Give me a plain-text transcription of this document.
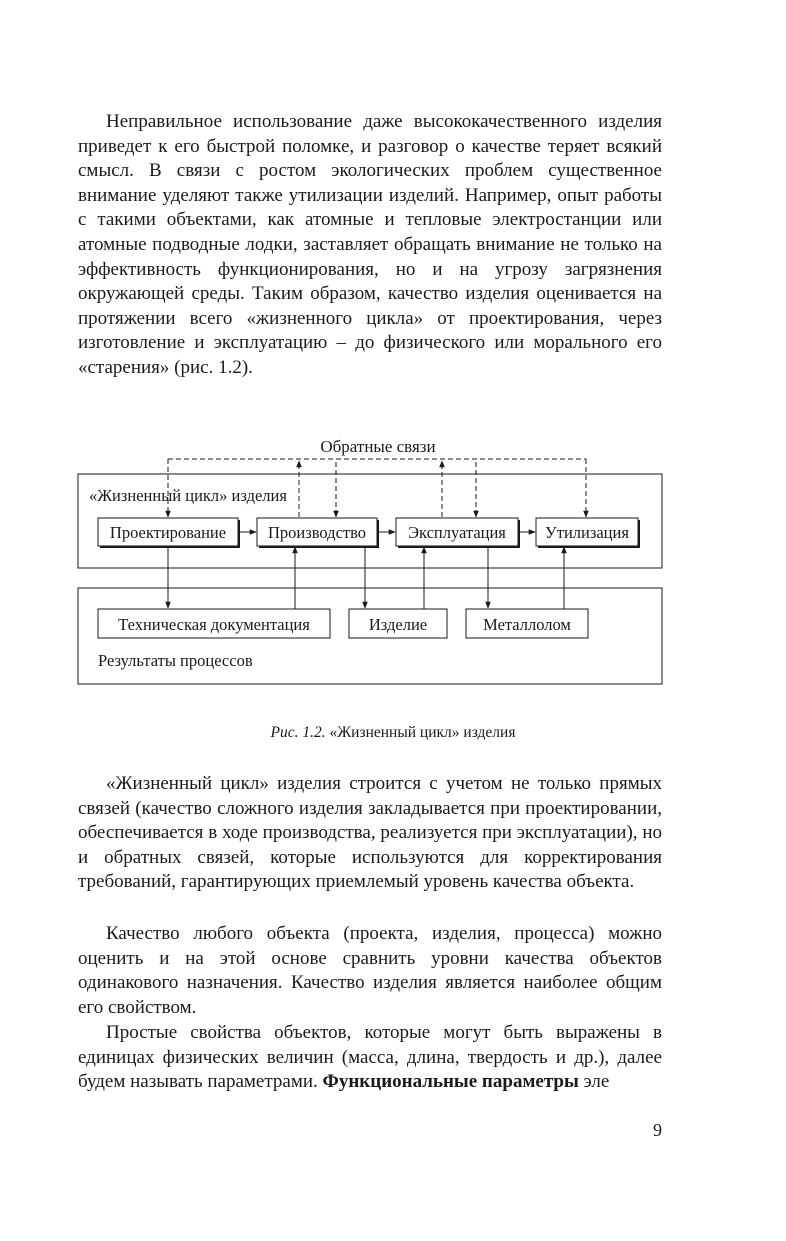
Неправильное использование даже высококачественного изделия приведет к его быстрой поломке, и разговор о качестве теряет всякий смысл. В связи с ростом экологических проблем существенное внимание уделяют также утилизации изделий. Например, опыт работы с такими объектами, как атомные и тепловые электростанции или атомные подводные лодки, заставляет обращать внимание не только на эффективность функционирования, но и на угрозу загрязнения окружающей среды. Таким образом, качество изделия оценивается на протяжении всего «жизненного цикла» от проектирования, через изготовление и эксплуатацию – до физического или морального его «старения» (рис. 1.2).

Обратные связи
«Жизненный цикл» изделия
Результаты процессов
Проектирование	Производство	Эксплуатация Утилизация
Техническая документация	Изделие	Металлолом

Рис. 1.2. «Жизненный цикл» изделия

«Жизненный цикл» изделия строится с учетом не только прямых связей (качество сложного изделия закладывается при проектировании, обеспечивается в ходе производства, реализуется при эксплуатации), но и обратных связей, которые используются для корректирования требований, гарантирующих приемлемый уровень качества объекта.

Качество любого объекта (проекта, изделия, процесса) можно оценить и на этой основе сравнить уровни качества объектов одинакового назначения. Качество изделия является наиболее общим его свойством.

Простые свойства объектов, которые могут быть выражены в единицах физических величин (масса, длина, твердость и др.), далее будем называть параметрами. Функциональные параметры эле

9
